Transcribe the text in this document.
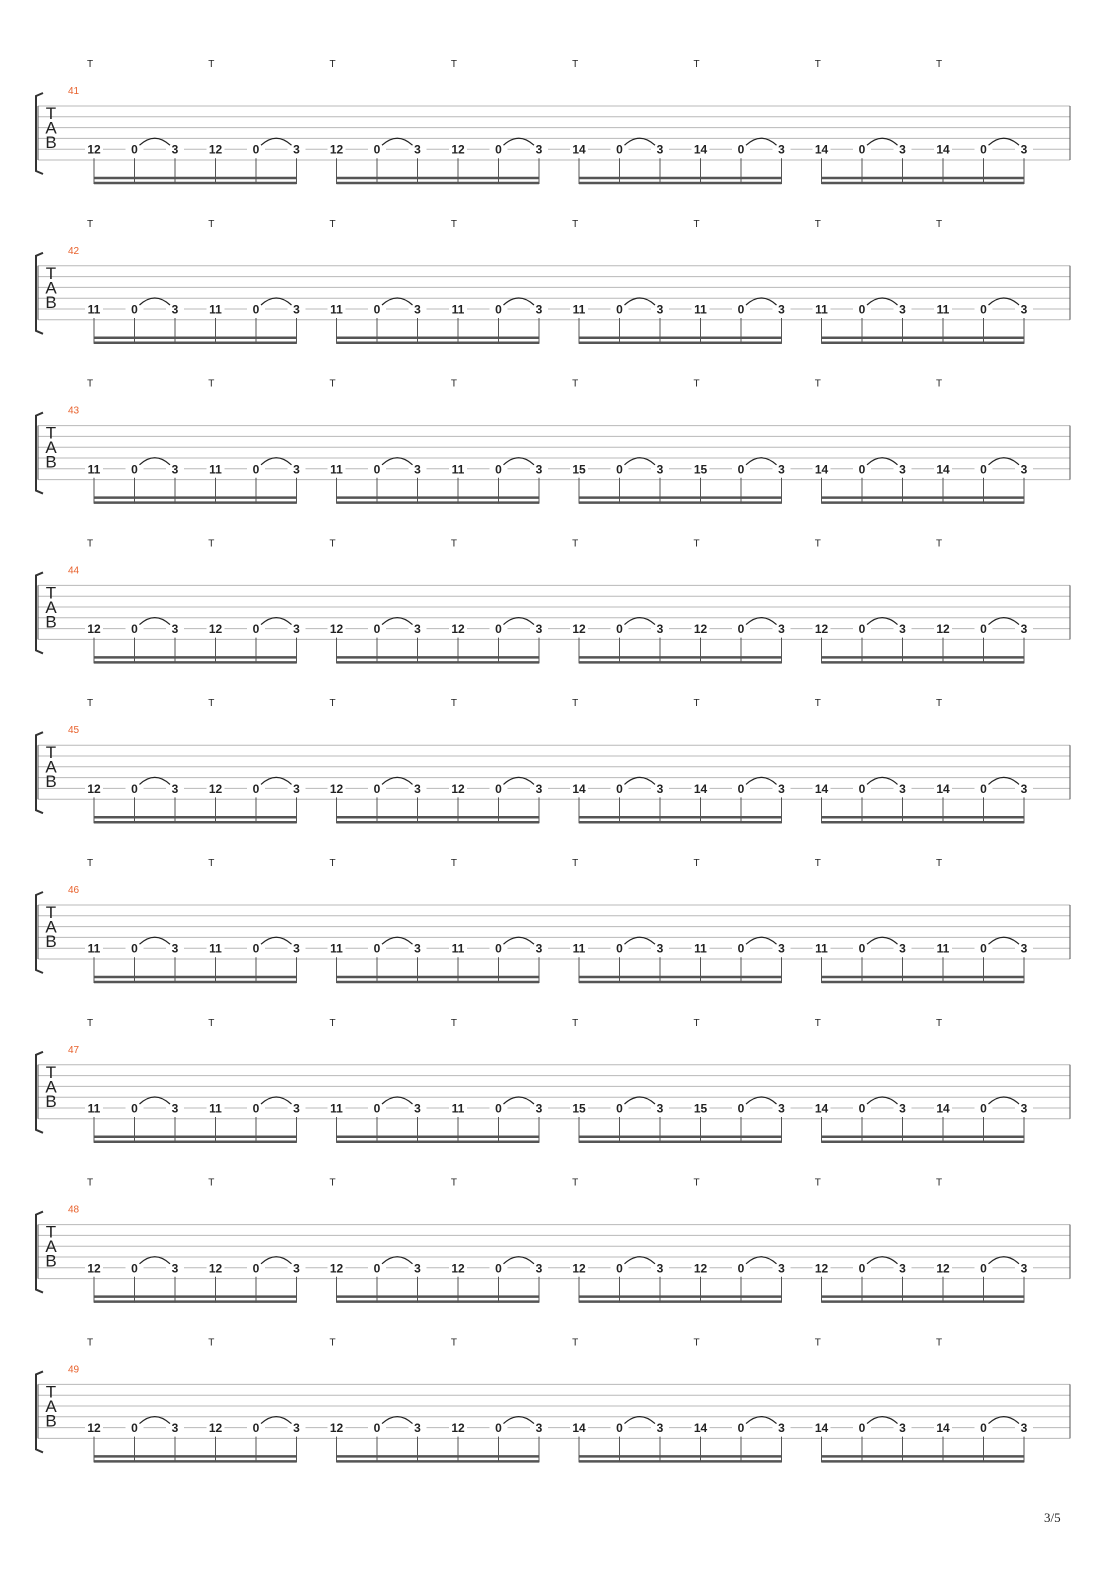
T	T	T	T	T	T	T	T
41
T
A
B	12	0	3	12	0	3 12	0	3	12	0	3 14	0	3	14	0	3 14	0	3	14	0	3
T	T	T	T	T	T	T	T
42
T
A
B	11	0	3	11	0	3	11	0	3	11	0	3	11	0	3	11	0	3	11	0	3	11	0	3
T	T	T	T	T	T	T	T
43
T
A
B	11	0	3	11	0	3	11	0	3	11	0	3 15	0	3	15	0	3 14	0	3	14	0	3
T	T	T	T	T	T	T	T
44
T
A
B	12	0	3	12	0	3 12	0	3	12	0	3 12	0	3	12	0	3 12	0	3	12	0	3
T	T	T	T	T	T	T	T
45
T
A
B	12	0	3	12	0	3 12	0	3	12	0	3 14	0	3	14	0	3 14	0	3	14	0	3
T	T	T	T	T	T	T	T
46
T
A
B	11	0	3	11	0	3	11	0	3	11	0	3	11	0	3	11	0	3	11	0	3	11	0	3
T	T	T	T	T	T	T	T
47
T
A
B	11	0	3	11	0	3	11	0	3	11	0	3 15	0	3	15	0	3 14	0	3	14	0	3
T	T	T	T	T	T	T	T
48
T
A
B	12	0	3	12	0	3 12	0	3	12	0	3 12	0	3	12	0	3 12	0	3	12	0	3
T	T	T	T	T	T	T	T
49
T
A
B	12	0	3	12	0	3 12	0	3	12	0	3 14	0	3	14	0	3 14	0	3	14	0	3
3/5
